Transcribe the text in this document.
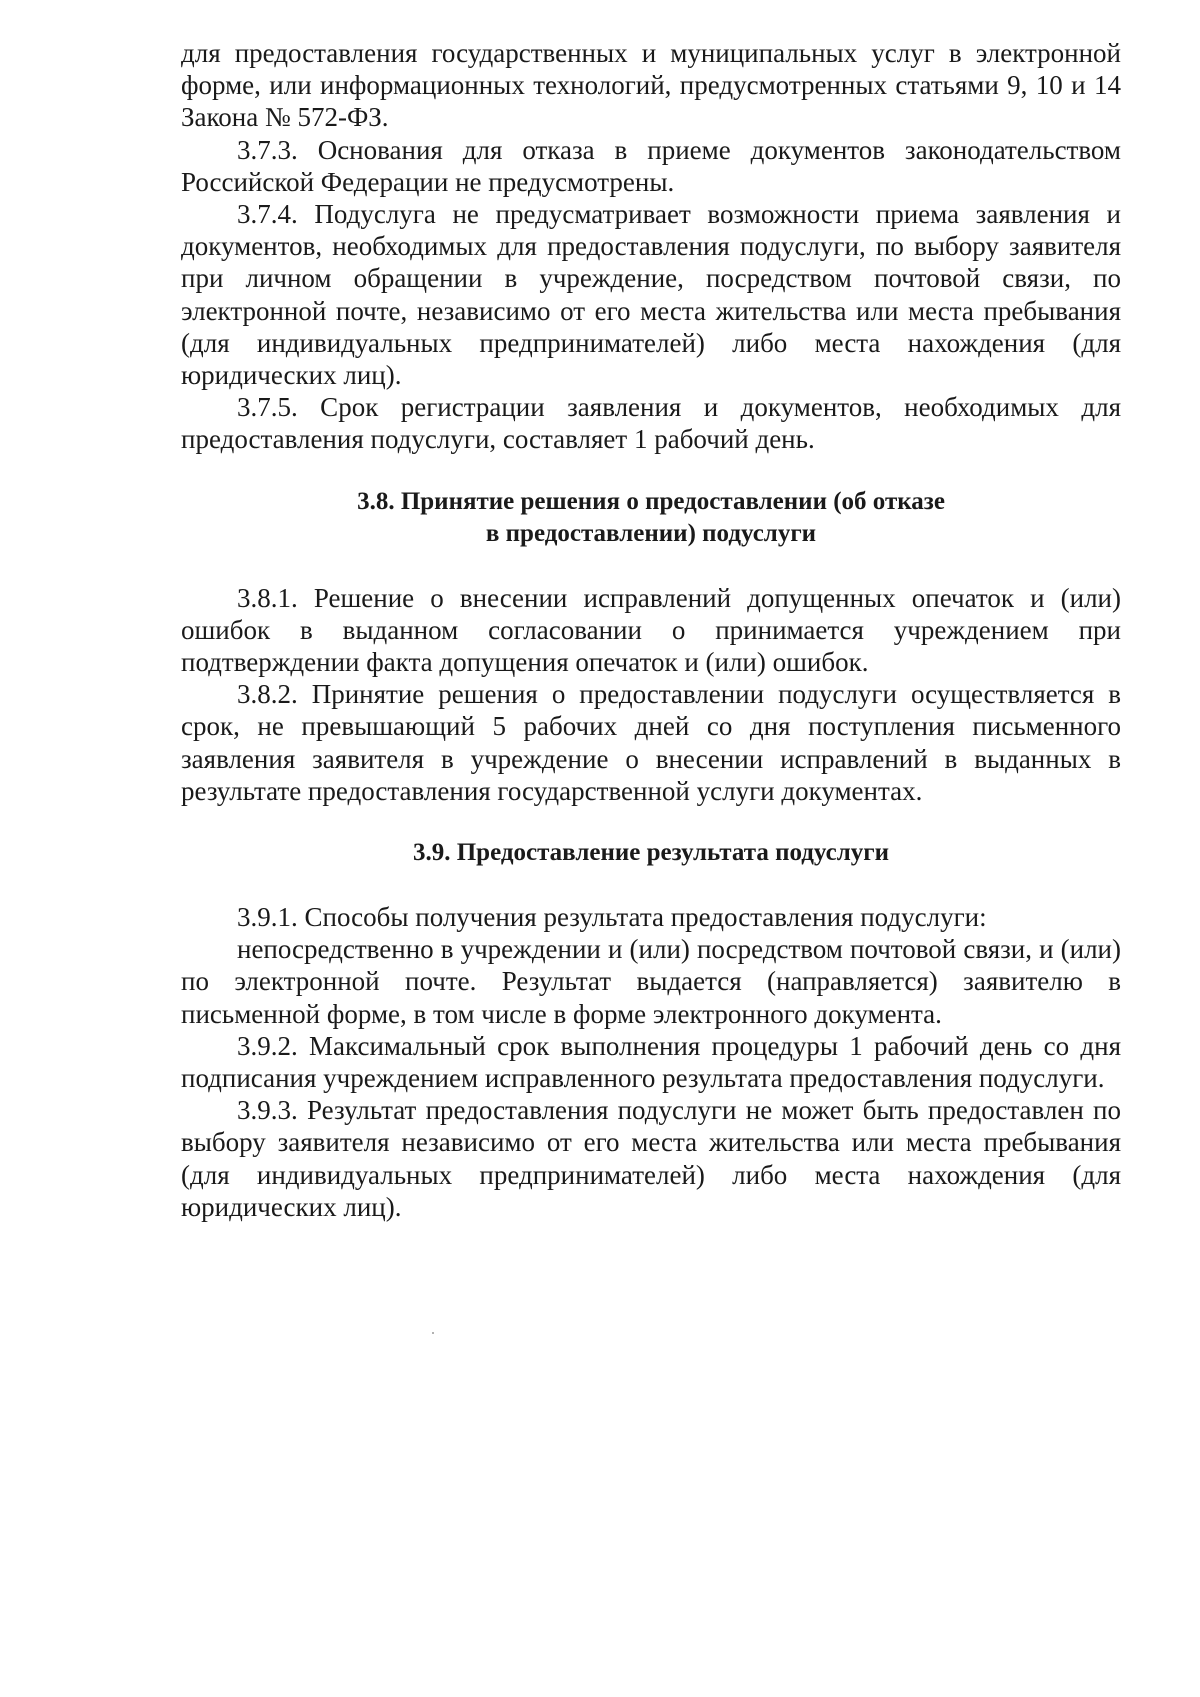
для предоставления государственных и муниципальных услуг в электронной форме, или информационных технологий, предусмотренных статьями 9, 10 и 14 Закона № 572-ФЗ.

3.7.3. Основания для отказа в приеме документов законодательством Российской Федерации не предусмотрены.

3.7.4. Подуслуга не предусматривает возможности приема заявления и документов, необходимых для предоставления подуслуги, по выбору заявителя при личном обращении в учреждение, посредством почтовой связи, по электронной почте, независимо от его места жительства или места пребывания (для индивидуальных предпринимателей) либо места нахождения (для юридических лиц).

3.7.5. Срок регистрации заявления и документов, необходимых для предоставления подуслуги, составляет 1 рабочий день.

3.8. Принятие решения о предоставлении (об отказе

в предоставлении) подуслуги

3.8.1. Решение о внесении исправлений допущенных опечаток и (или) ошибок в выданном согласовании о принимается учреждением при подтверждении факта допущения опечаток и (или) ошибок.

3.8.2. Принятие решения о предоставлении подуслуги осуществляется в срок, не превышающий 5 рабочих дней со дня поступления письменного заявления заявителя в учреждение о внесении исправлений в выданных в результате предоставления государственной услуги документах.

3.9. Предоставление результата подуслуги

3.9.1. Способы получения результата предоставления подуслуги:

непосредственно в учреждении и (или) посредством почтовой связи, и (или) по электронной почте. Результат выдается (направляется) заявителю в письменной форме, в том числе в форме электронного документа.

3.9.2. Максимальный срок выполнения процедуры 1 рабочий день со дня подписания учреждением исправленного результата предоставления подуслуги.

3.9.3. Результат предоставления подуслуги не может быть предоставлен по выбору заявителя независимо от его места жительства или места пребывания (для индивидуальных предпринимателей) либо места нахождения (для юридических лиц).
